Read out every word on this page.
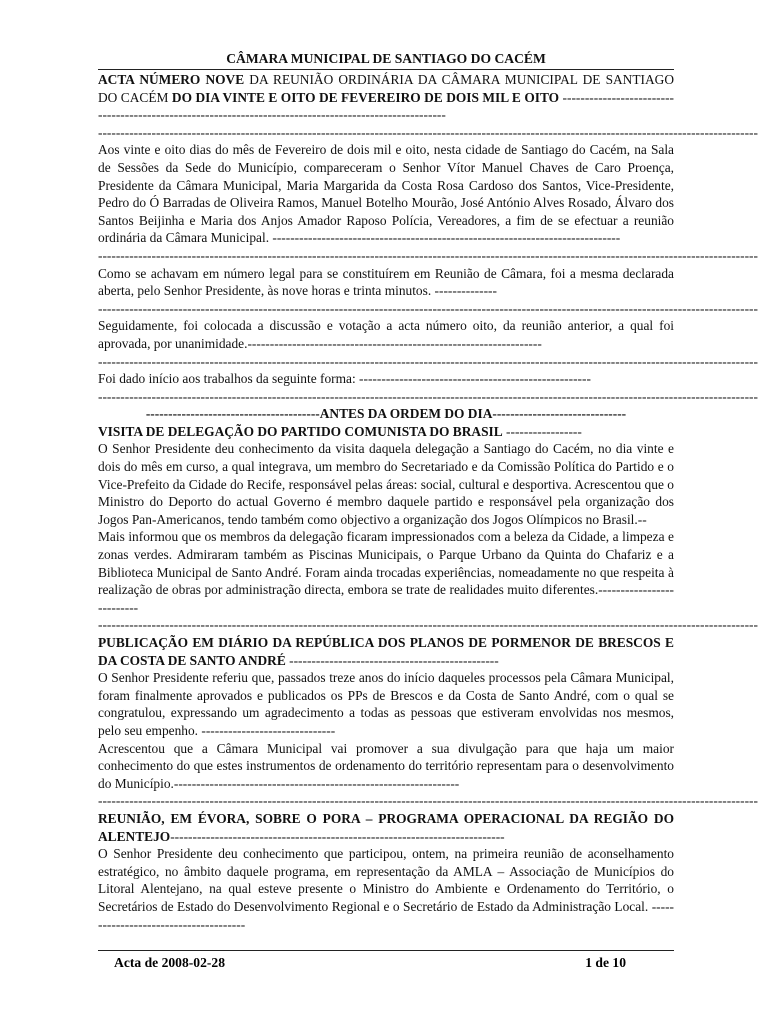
CÂMARA MUNICIPAL DE SANTIAGO DO CACÉM
ACTA NÚMERO NOVE DA REUNIÃO ORDINÁRIA DA CÂMARA MUNICIPAL DE SANTIAGO DO CACÉM DO DIA VINTE E OITO DE FEVEREIRO DE DOIS MIL E OITO -------------------------------------------------------------------------------------------------------
----------------------------------------------------------------------------------------------------------------------------------------------------
Aos vinte e oito dias do mês de Fevereiro de dois mil e oito, nesta cidade de Santiago do Cacém, na Sala de Sessões da Sede do Município, compareceram o Senhor Vítor Manuel Chaves de Caro Proença, Presidente da Câmara Municipal, Maria Margarida da Costa Rosa Cardoso dos Santos, Vice-Presidente, Pedro do Ó Barradas de Oliveira Ramos, Manuel Botelho Mourão, José António Alves Rosado, Álvaro dos Santos Beijinha e Maria dos Anjos Amador Raposo Polícia, Vereadores, a fim de se efectuar a reunião ordinária da Câmara Municipal. ------------------------------------------------------------------------------
----------------------------------------------------------------------------------------------------------------------------------------------------
Como se achavam em número legal para se constituírem em Reunião de Câmara, foi a mesma declarada aberta, pelo Senhor Presidente, às nove horas e trinta minutos. --------------
----------------------------------------------------------------------------------------------------------------------------------------------------
Seguidamente, foi colocada a discussão e votação a acta número oito, da reunião anterior, a qual foi aprovada, por unanimidade.------------------------------------------------------------------
----------------------------------------------------------------------------------------------------------------------------------------------------
Foi dado início aos trabalhos da seguinte forma: ----------------------------------------------------
----------------------------------------------------------------------------------------------------------------------------------------------------
---------------------------------------ANTES DA ORDEM DO DIA------------------------------
VISITA DE DELEGAÇÃO DO PARTIDO COMUNISTA DO BRASIL -----------------
O Senhor Presidente deu conhecimento da visita daquela delegação a Santiago do Cacém, no dia vinte e dois do mês em curso, a qual integrava, um membro do Secretariado e da Comissão Política do Partido e o Vice-Prefeito da Cidade do Recife, responsável pelas áreas: social, cultural e desportiva. Acrescentou que o Ministro do Deporto do actual Governo é membro daquele partido e responsável pela organização dos Jogos Pan-Americanos, tendo também como objectivo a organização dos Jogos Olímpicos no Brasil.--
Mais informou que os membros da delegação ficaram impressionados com a beleza da Cidade, a limpeza e zonas verdes. Admiraram também as Piscinas Municipais, o Parque Urbano da Quinta do Chafariz e a Biblioteca Municipal de Santo André. Foram ainda trocadas experiências, nomeadamente no que respeita à realização de obras por administração directa, embora se trate de realidades muito diferentes.--------------------------
----------------------------------------------------------------------------------------------------------------------------------------------------
PUBLICAÇÃO EM DIÁRIO DA REPÚBLICA DOS PLANOS DE PORMENOR DE BRESCOS E DA COSTA DE SANTO ANDRÉ -----------------------------------------------
O Senhor Presidente referiu que, passados treze anos do início daqueles processos pela Câmara Municipal, foram finalmente aprovados e publicados os PPs de Brescos e da Costa de Santo André, com o qual se congratulou, expressando um agradecimento a todas as pessoas que estiveram envolvidas nos mesmos, pelo seu empenho. ------------------------------
Acrescentou que a Câmara Municipal vai promover a sua divulgação para que haja um maior conhecimento do que estes instrumentos de ordenamento do território representam para o desenvolvimento do Município.----------------------------------------------------------------
----------------------------------------------------------------------------------------------------------------------------------------------------
REUNIÃO, EM ÉVORA, SOBRE O PORA – PROGRAMA OPERACIONAL DA REGIÃO DO ALENTEJO---------------------------------------------------------------------------
O Senhor Presidente deu conhecimento que participou, ontem, na primeira reunião de aconselhamento estratégico, no âmbito daquele programa, em representação da AMLA – Associação de Municípios do Litoral Alentejano, na qual esteve presente o Ministro do Ambiente e Ordenamento do Território, o Secretários de Estado do Desenvolvimento Regional e o Secretário de Estado da Administração Local. --------------------------------------
Acta de 2008-02-28	1 de 10
